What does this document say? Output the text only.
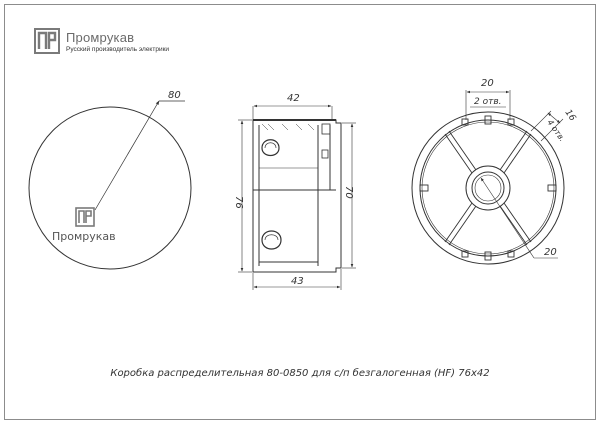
Промрукав
Русский производитель электрики
80
Промрукав
42
76
70
43
20
2 отв.
16
4 отв.
20
Коробка распределительная 80-0850 для с/п безгалогенная (HF) 76х42
